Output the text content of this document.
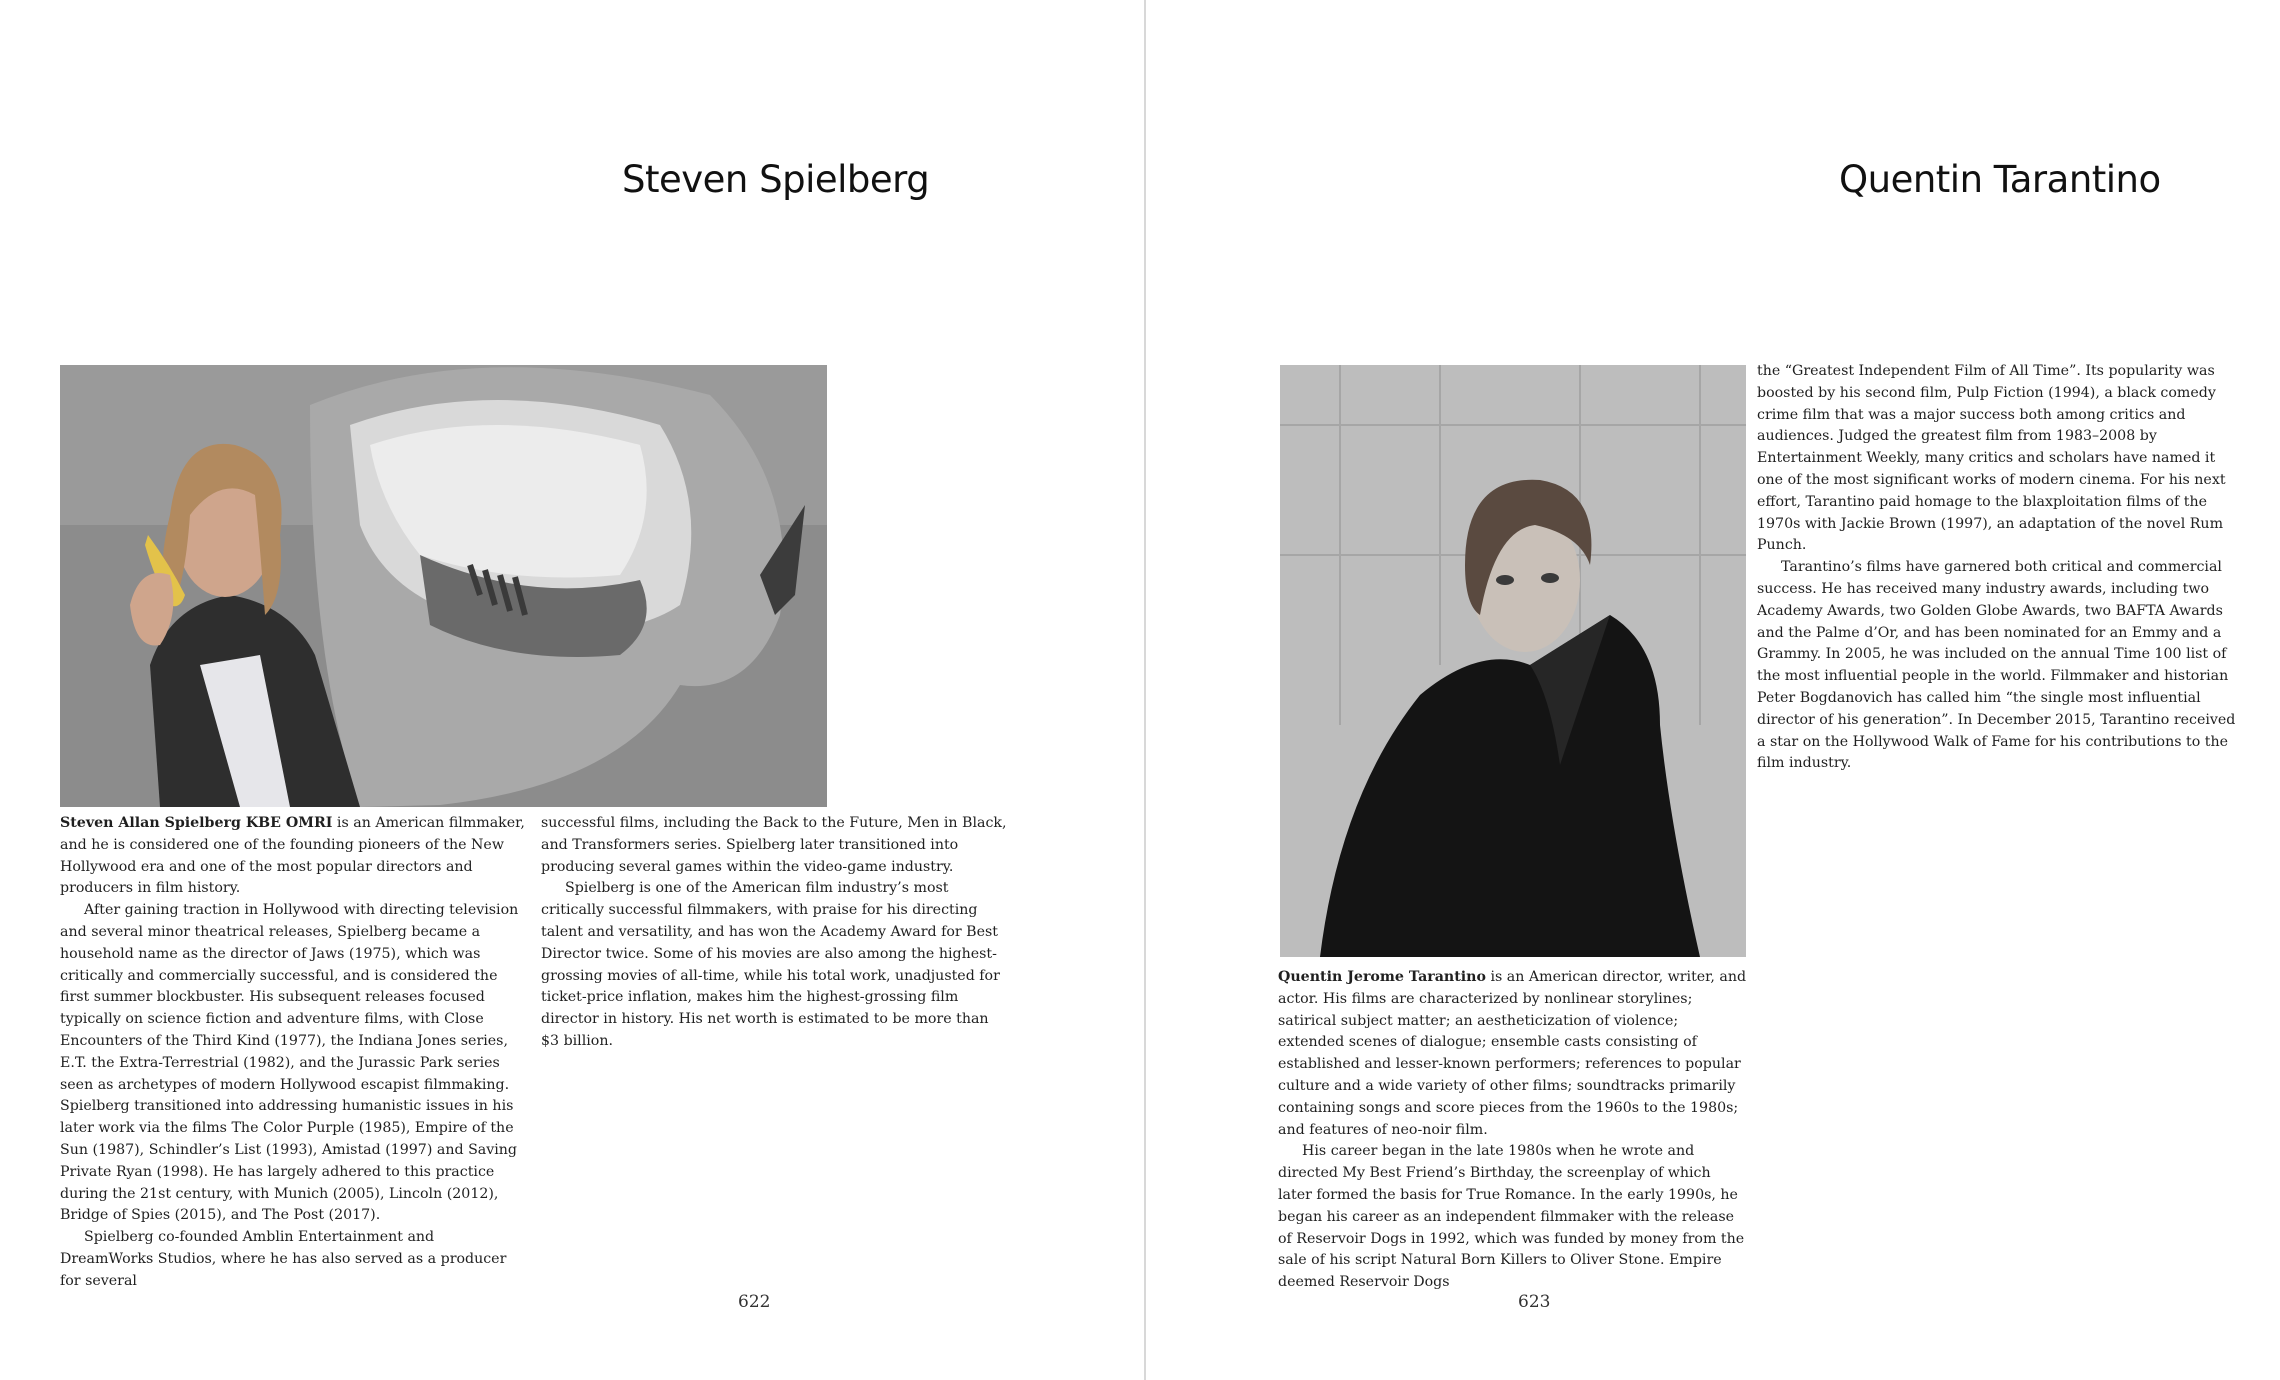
Steven Spielberg

Steven Allan Spielberg KBE OMRI is an American filmmaker, and he is considered one of the founding pioneers of the New Hollywood era and one of the most popular directors and producers in film history.

After gaining traction in Hollywood with directing television and several minor theatrical releases, Spielberg became a household name as the director of Jaws (1975), which was critically and commercially successful, and is considered the first summer blockbuster. His subsequent releases focused typically on science fiction and adventure films, with Close Encounters of the Third Kind (1977), the Indiana Jones series, E.T. the Extra-Terrestrial (1982), and the Jurassic Park series seen as archetypes of modern Hollywood escapist filmmaking. Spielberg transitioned into addressing humanistic issues in his later work via the films The Color Purple (1985), Empire of the Sun (1987), Schindler’s List (1993), Amistad (1997) and Saving Private Ryan (1998). He has largely adhered to this practice during the 21st century, with Munich (2005), Lincoln (2012), Bridge of Spies (2015), and The Post (2017).

Spielberg co-founded Amblin Entertainment and DreamWorks Studios, where he has also served as a producer for several

successful films, including the Back to the Future, Men in Black, and Transformers series. Spielberg later transitioned into producing several games within the video-game industry.

Spielberg is one of the American film industry’s most critically successful filmmakers, with praise for his directing talent and versatility, and has won the Academy Award for Best Director twice. Some of his movies are also among the highest-grossing movies of all-time, while his total work, unadjusted for ticket-price inflation, makes him the highest-grossing film director in history. His net worth is estimated to be more than $3 billion.

622
Quentin Tarantino

Quentin Jerome Tarantino is an American director, writer, and actor. His films are characterized by nonlinear storylines; satirical subject matter; an aestheticization of violence; extended scenes of dialogue; ensemble casts consisting of established and lesser-known performers; references to popular culture and a wide variety of other films; soundtracks primarily containing songs and score pieces from the 1960s to the 1980s; and features of neo-noir film.

His career began in the late 1980s when he wrote and directed My Best Friend’s Birthday, the screenplay of which later formed the basis for True Romance. In the early 1990s, he began his career as an independent filmmaker with the release of Reservoir Dogs in 1992, which was funded by money from the sale of his script Natural Born Killers to Oliver Stone. Empire deemed Reservoir Dogs

the “Greatest Independent Film of All Time”. Its popularity was boosted by his second film, Pulp Fiction (1994), a black comedy crime film that was a major success both among critics and audiences. Judged the greatest film from 1983–2008 by Entertainment Weekly, many critics and scholars have named it one of the most significant works of modern cinema. For his next effort, Tarantino paid homage to the blaxploitation films of the 1970s with Jackie Brown (1997), an adaptation of the novel Rum Punch.

Tarantino’s films have garnered both critical and commercial success. He has received many industry awards, including two Academy Awards, two Golden Globe Awards, two BAFTA Awards and the Palme d’Or, and has been nominated for an Emmy and a Grammy. In 2005, he was included on the annual Time 100 list of the most influential people in the world. Filmmaker and historian Peter Bogdanovich has called him “the single most influential director of his generation”. In December 2015, Tarantino received a star on the Hollywood Walk of Fame for his contributions to the film industry.

623
